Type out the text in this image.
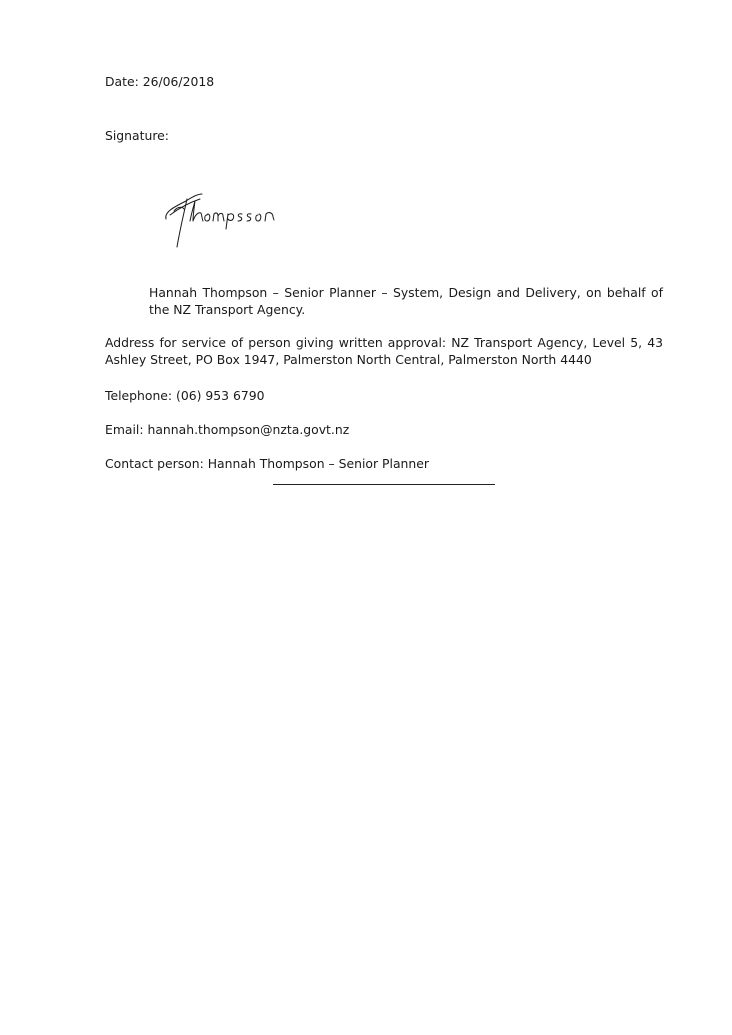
Date: 26/06/2018
Signature:
Hannah Thompson – Senior Planner – System, Design and Delivery, on behalf of the NZ Transport Agency.
Address for service of person giving written approval: NZ Transport Agency, Level 5, 43 Ashley Street, PO Box 1947, Palmerston North Central, Palmerston North 4440
Telephone: (06) 953 6790
Email: hannah.thompson@nzta.govt.nz
Contact person: Hannah Thompson – Senior Planner
